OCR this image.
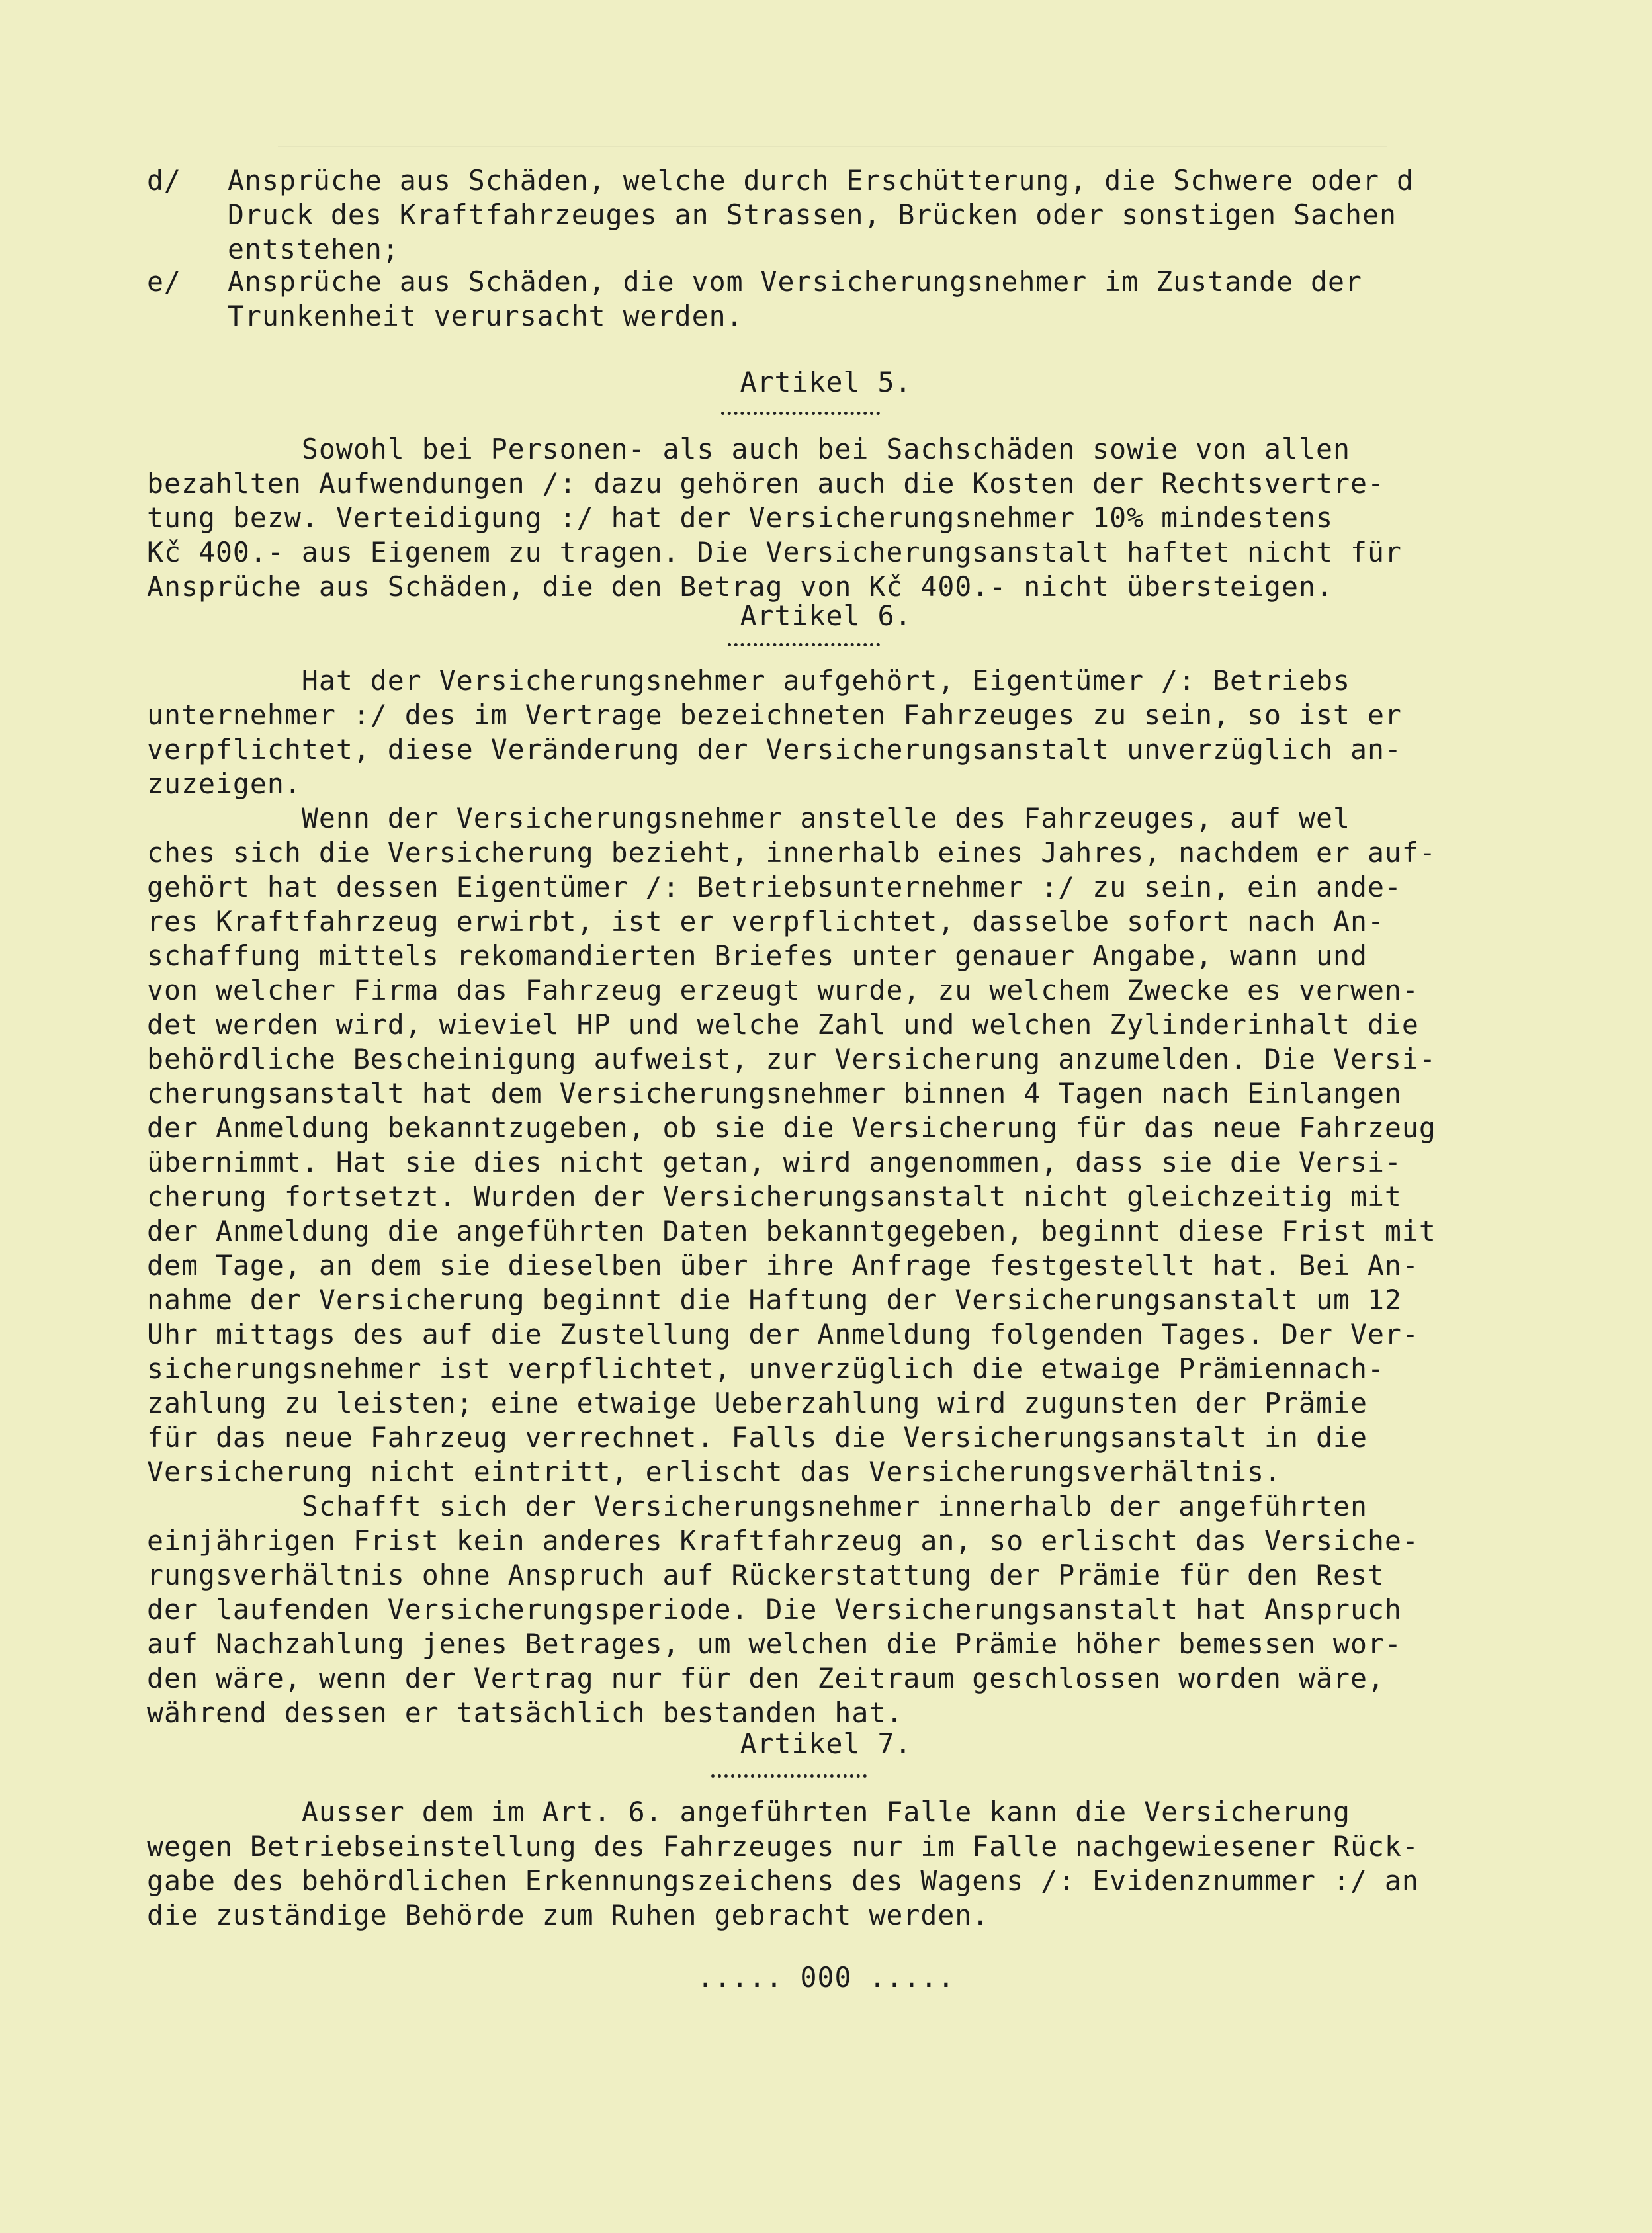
d/ Ansprüche aus Schäden, welche durch Erschütterung, die Schwere oder d
Druck des Kraftfahrzeuges an Strassen, Brücken oder sonstigen Sachen
entstehen;
e/ Ansprüche aus Schäden, die vom Versicherungsnehmer im Zustande der
Trunkenheit verursacht werden.
Artikel 5.
Sowohl bei Personen- als auch bei Sachschäden sowie von allen
bezahlten Aufwendungen /: dazu gehören auch die Kosten der Rechtsvertre-
tung bezw. Verteidigung :/ hat der Versicherungsnehmer 10% mindestens
Kč 400.- aus Eigenem zu tragen. Die Versicherungsanstalt haftet nicht für
Ansprüche aus Schäden, die den Betrag von Kč 400.- nicht übersteigen.
Artikel 6.
Hat der Versicherungsnehmer aufgehört, Eigentümer /: Betriebs
unternehmer :/ des im Vertrage bezeichneten Fahrzeuges zu sein, so ist er
verpflichtet, diese Veränderung der Versicherungsanstalt unverzüglich an-
zuzeigen.
Wenn der Versicherungsnehmer anstelle des Fahrzeuges, auf wel
ches sich die Versicherung bezieht, innerhalb eines Jahres, nachdem er auf-
gehört hat dessen Eigentümer /: Betriebsunternehmer :/ zu sein, ein ande-
res Kraftfahrzeug erwirbt, ist er verpflichtet, dasselbe sofort nach An-
schaffung mittels rekomandierten Briefes unter genauer Angabe, wann und
von welcher Firma das Fahrzeug erzeugt wurde, zu welchem Zwecke es verwen-
det werden wird, wieviel HP und welche Zahl und welchen Zylinderinhalt die
behördliche Bescheinigung aufweist, zur Versicherung anzumelden. Die Versi-
cherungsanstalt hat dem Versicherungsnehmer binnen 4 Tagen nach Einlangen
der Anmeldung bekanntzugeben, ob sie die Versicherung für das neue Fahrzeug
übernimmt. Hat sie dies nicht getan, wird angenommen, dass sie die Versi-
cherung fortsetzt. Wurden der Versicherungsanstalt nicht gleichzeitig mit
der Anmeldung die angeführten Daten bekanntgegeben, beginnt diese Frist mit
dem Tage, an dem sie dieselben über ihre Anfrage festgestellt hat. Bei An-
nahme der Versicherung beginnt die Haftung der Versicherungsanstalt um 12
Uhr mittags des auf die Zustellung der Anmeldung folgenden Tages. Der Ver-
sicherungsnehmer ist verpflichtet, unverzüglich die etwaige Prämiennach-
zahlung zu leisten; eine etwaige Ueberzahlung wird zugunsten der Prämie
für das neue Fahrzeug verrechnet. Falls die Versicherungsanstalt in die
Versicherung nicht eintritt, erlischt das Versicherungsverhältnis.
Schafft sich der Versicherungsnehmer innerhalb der angeführten
einjährigen Frist kein anderes Kraftfahrzeug an, so erlischt das Versiche-
rungsverhältnis ohne Anspruch auf Rückerstattung der Prämie für den Rest
der laufenden Versicherungsperiode. Die Versicherungsanstalt hat Anspruch
auf Nachzahlung jenes Betrages, um welchen die Prämie höher bemessen wor-
den wäre, wenn der Vertrag nur für den Zeitraum geschlossen worden wäre,
während dessen er tatsächlich bestanden hat.
Artikel 7.
Ausser dem im Art. 6. angeführten Falle kann die Versicherung
wegen Betriebseinstellung des Fahrzeuges nur im Falle nachgewiesener Rück-
gabe des behördlichen Erkennungszeichens des Wagens /: Evidenznummer :/ an
die zuständige Behörde zum Ruhen gebracht werden.
..... 000 .....
